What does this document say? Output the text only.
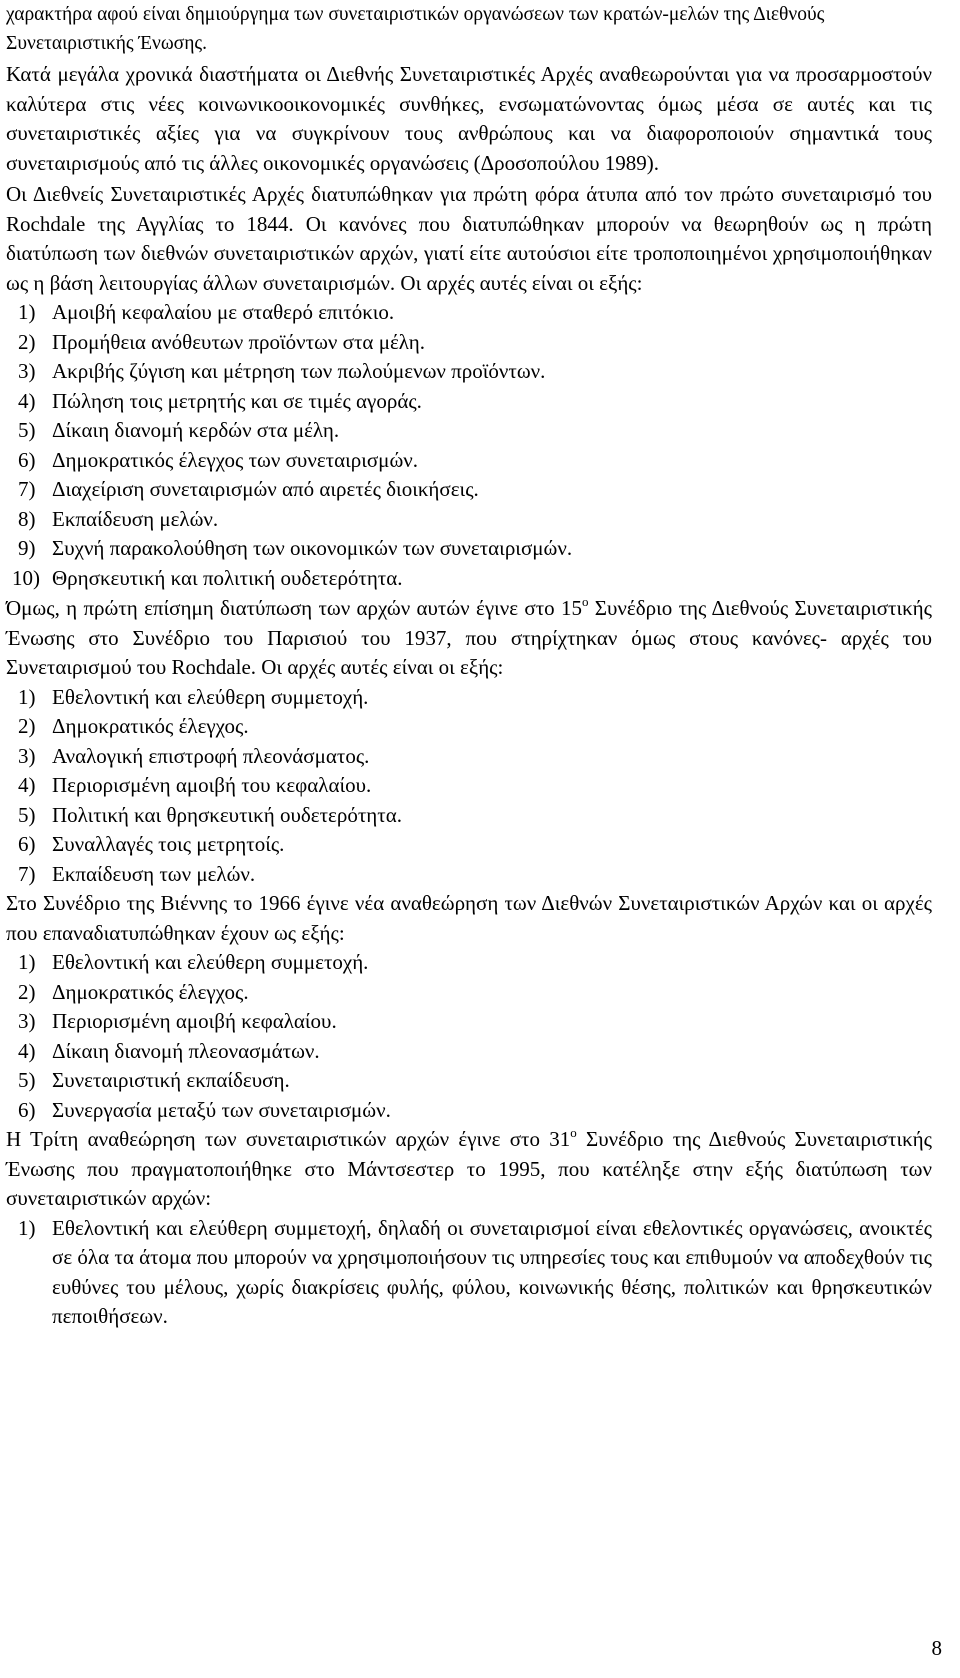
χαρακτήρα αφού είναι δημιούργημα των συνεταιριστικών οργανώσεων των κρατών-μελών της Διεθνούς Συνεταιριστικής Ένωσης.

Κατά μεγάλα χρονικά διαστήματα οι Διεθνής Συνεταιριστικές Αρχές αναθεωρούνται για να προσαρμοστούν καλύτερα στις νέες κοινωνικοοικονομικές συνθήκες, ενσωματώνοντας όμως μέσα σε αυτές και τις συνεταιριστικές αξίες για να συγκρίνουν τους ανθρώπους και να διαφοροποιούν σημαντικά τους συνεταιρισμούς από τις άλλες οικονομικές οργανώσεις (Δροσοπούλου 1989).

Οι Διεθνείς Συνεταιριστικές Αρχές διατυπώθηκαν για πρώτη φόρα άτυπα από τον πρώτο συνεταιρισμό του Rochdale της Αγγλίας το 1844. Οι κανόνες που διατυπώθηκαν μπορούν να θεωρηθούν ως η πρώτη διατύπωση των διεθνών συνεταιριστικών αρχών, γιατί είτε αυτούσιοι είτε τροποποιημένοι χρησιμοποιήθηκαν ως η βάση λειτουργίας άλλων συνεταιρισμών. Οι αρχές αυτές είναι οι εξής:

1) Αμοιβή κεφαλαίου με σταθερό επιτόκιο.
2) Προμήθεια ανόθευτων προϊόντων στα μέλη.
3) Ακριβής ζύγιση και μέτρηση των πωλούμενων προϊόντων.
4) Πώληση τοις μετρητής και σε τιμές αγοράς.
5) Δίκαιη διανομή κερδών στα μέλη.
6) Δημοκρατικός έλεγχος των συνεταιρισμών.
7) Διαχείριση συνεταιρισμών από αιρετές διοικήσεις.
8) Εκπαίδευση μελών.
9) Συχνή παρακολούθηση των οικονομικών των συνεταιρισμών.
10) Θρησκευτική και πολιτική ουδετερότητα.

Όμως, η πρώτη επίσημη διατύπωση των αρχών αυτών έγινε στο $15^o$ Συνέδριο της Διεθνούς Συνεταιριστικής Ένωσης στο Συνέδριο του Παρισιού του 1937, που στηρίχτηκαν όμως στους κανόνες- αρχές του Συνεταιρισμού του Rochdale. Οι αρχές αυτές είναι οι εξής:

1) Εθελοντική και ελεύθερη συμμετοχή.
2) Δημοκρατικός έλεγχος.
3) Αναλογική επιστροφή πλεονάσματος.
4) Περιορισμένη αμοιβή του κεφαλαίου.
5) Πολιτική και θρησκευτική ουδετερότητα.
6) Συναλλαγές τοις μετρητοίς.
7) Εκπαίδευση των μελών.

Στο Συνέδριο της Βιέννης το 1966 έγινε νέα αναθεώρηση των Διεθνών Συνεταιριστικών Αρχών και οι αρχές που επαναδιατυπώθηκαν έχουν ως εξής:

1) Εθελοντική και ελεύθερη συμμετοχή.
2) Δημοκρατικός έλεγχος.
3) Περιορισμένη αμοιβή κεφαλαίου.
4) Δίκαιη διανομή πλεονασμάτων.
5) Συνεταιριστική εκπαίδευση.
6) Συνεργασία μεταξύ των συνεταιρισμών.

Η Τρίτη αναθεώρηση των συνεταιριστικών αρχών έγινε στο $31^o$ Συνέδριο της Διεθνούς Συνεταιριστικής Ένωσης που πραγματοποιήθηκε στο Μάντσεστερ το 1995, που κατέληξε στην εξής διατύπωση των συνεταιριστικών αρχών:

1) Εθελοντική και ελεύθερη συμμετοχή, δηλαδή οι συνεταιρισμοί είναι εθελοντικές οργανώσεις, ανοικτές σε όλα τα άτομα που μπορούν να χρησιμοποιήσουν τις υπηρεσίες τους και επιθυμούν να αποδεχθούν τις ευθύνες του μέλους, χωρίς διακρίσεις φυλής, φύλου, κοινωνικής θέσης, πολιτικών και θρησκευτικών πεποιθήσεων.
8
